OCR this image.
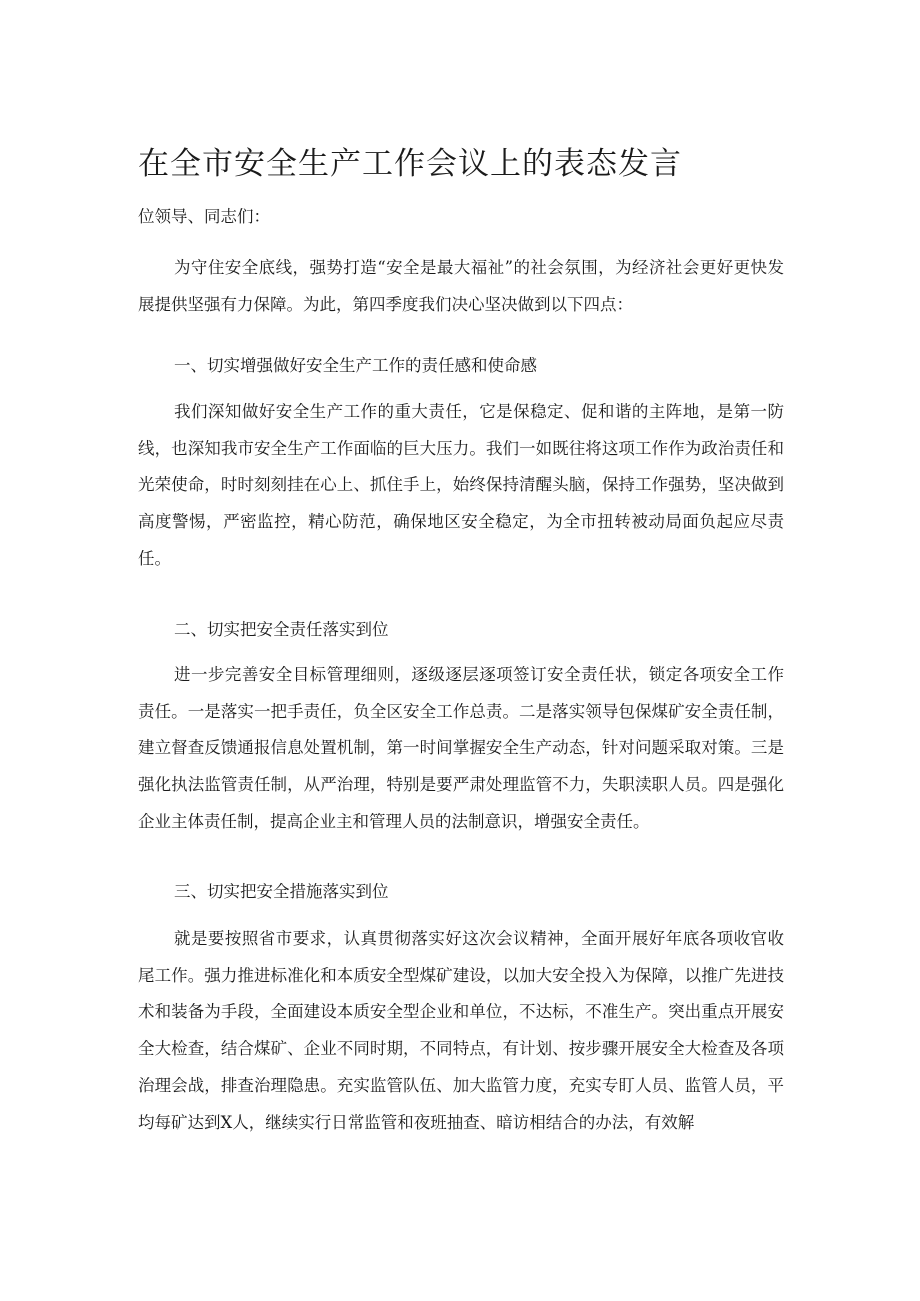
在全市安全生产工作会议上的表态发言

位领导、同志们：

为守住安全底线，强势打造“安全是最大福祉”的社会氛围，为经济社会更好更快发展提供坚强有力保障。为此，第四季度我们决心坚决做到以下四点：

一、切实增强做好安全生产工作的责任感和使命感

我们深知做好安全生产工作的重大责任，它是保稳定、促和谐的主阵地，是第一防线，也深知我市安全生产工作面临的巨大压力。我们一如既往将这项工作作为政治责任和光荣使命，时时刻刻挂在心上、抓住手上，始终保持清醒头脑，保持工作强势，坚决做到高度警惕，严密监控，精心防范，确保地区安全稳定，为全市扭转被动局面负起应尽责任。

二、切实把安全责任落实到位

进一步完善安全目标管理细则，逐级逐层逐项签订安全责任状，锁定各项安全工作责任。一是落实一把手责任，负全区安全工作总责。二是落实领导包保煤矿安全责任制，建立督查反馈通报信息处置机制，第一时间掌握安全生产动态，针对问题采取对策。三是强化执法监管责任制，从严治理，特别是要严肃处理监管不力，失职渎职人员。四是强化企业主体责任制，提高企业主和管理人员的法制意识，增强安全责任。

三、切实把安全措施落实到位

就是要按照省市要求，认真贯彻落实好这次会议精神，全面开展好年底各项收官收尾工作。强力推进标准化和本质安全型煤矿建设，以加大安全投入为保障，以推广先进技术和装备为手段，全面建设本质安全型企业和单位，不达标，不准生产。突出重点开展安全大检查，结合煤矿、企业不同时期，不同特点，有计划、按步骤开展安全大检查及各项治理会战，排查治理隐患。充实监管队伍、加大监管力度，充实专盯人员、监管人员，平均每矿达到X人，继续实行日常监管和夜班抽查、暗访相结合的办法，有效解
